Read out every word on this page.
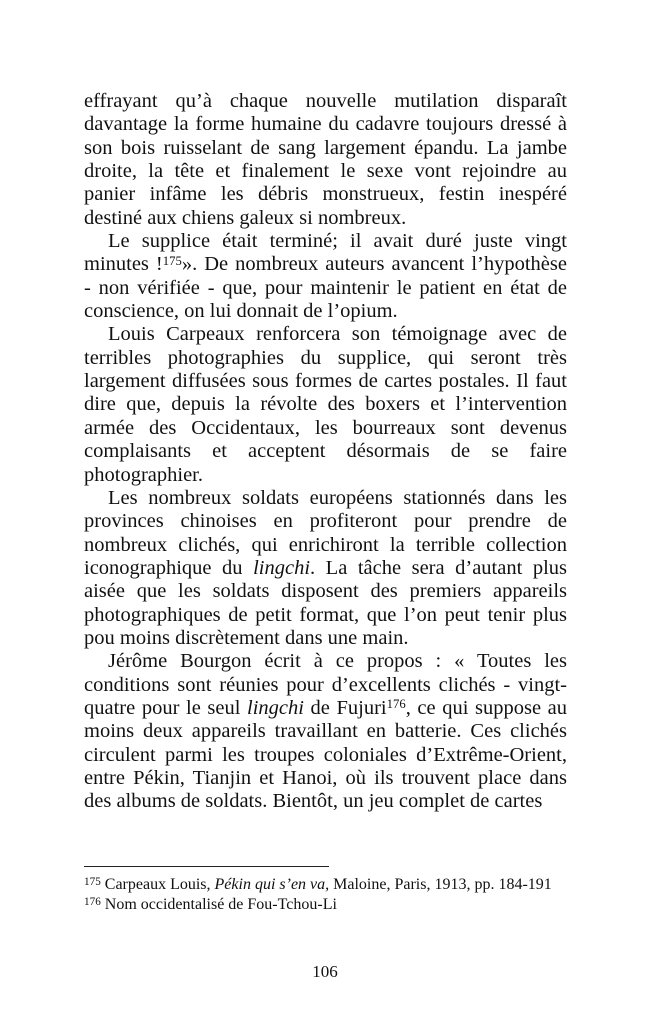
effrayant qu’à chaque nouvelle mutilation disparaît davantage la forme humaine du cadavre toujours dressé à son bois ruisselant de sang largement épandu. La jambe droite, la tête et finalement le sexe vont rejoindre au panier infâme les débris monstrueux, festin inespéré destiné aux chiens galeux si nombreux.

Le supplice était terminé; il avait duré juste vingt minutes !$^{175}$». De nombreux auteurs avancent l’hypothèse - non vérifiée - que, pour maintenir le patient en état de conscience, on lui donnait de l’opium.

Louis Carpeaux renforcera son témoignage avec de terribles photographies du supplice, qui seront très largement diffusées sous formes de cartes postales. Il faut dire que, depuis la révolte des boxers et l’intervention armée des Occidentaux, les bourreaux sont devenus complaisants et acceptent désormais de se faire photographier.

Les nombreux soldats européens stationnés dans les provinces chinoises en profiteront pour prendre de nombreux clichés, qui enrichiront la terrible collection iconographique du lingchi. La tâche sera d’autant plus aisée que les soldats disposent des premiers appareils photographiques de petit format, que l’on peut tenir plus pou moins discrètement dans une main.

Jérôme Bourgon écrit à ce propos : « Toutes les conditions sont réunies pour d’excellents clichés - vingt-quatre pour le seul lingchi de Fujuri$^{176}$, ce qui suppose au moins deux appareils travaillant en batterie. Ces clichés circulent parmi les troupes coloniales d’Extrême-Orient, entre Pékin, Tianjin et Hanoi, où ils trouvent place dans des albums de soldats. Bientôt, un jeu complet de cartes

$^{175}$ Carpeaux Louis, Pékin qui s’en va, Maloine, Paris, 1913, pp. 184-191

$^{176}$ Nom occidentalisé de Fou-Tchou-Li

106
